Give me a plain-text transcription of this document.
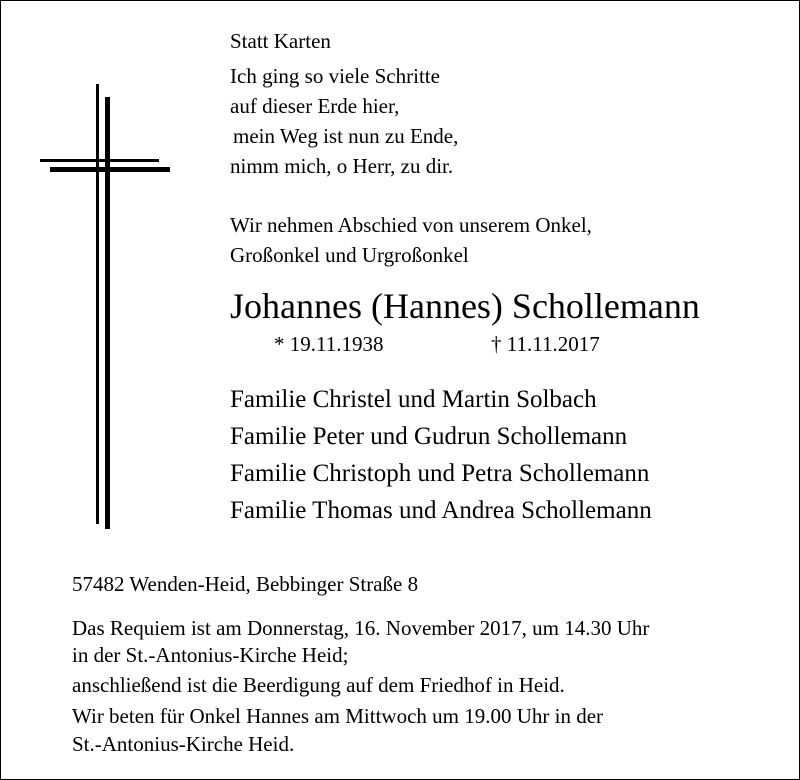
Statt Karten
Ich ging so viele Schritte
auf dieser Erde hier,
mein Weg ist nun zu Ende,
nimm mich, o Herr, zu dir.
Wir nehmen Abschied von unserem Onkel,
Großonkel und Urgroßonkel
Johannes (Hannes) Schollemann
* 19.11.1938	† 11.11.2017
Familie Christel und Martin Solbach
Familie Peter und Gudrun Schollemann
Familie Christoph und Petra Schollemann
Familie Thomas und Andrea Schollemann
57482 Wenden-Heid, Bebbinger Straße 8
Das Requiem ist am Donnerstag, 16. November 2017, um 14.30 Uhr
in der St.-Antonius-Kirche Heid;
anschließend ist die Beerdigung auf dem Friedhof in Heid.
Wir beten für Onkel Hannes am Mittwoch um 19.00 Uhr in der
St.-Antonius-Kirche Heid.
